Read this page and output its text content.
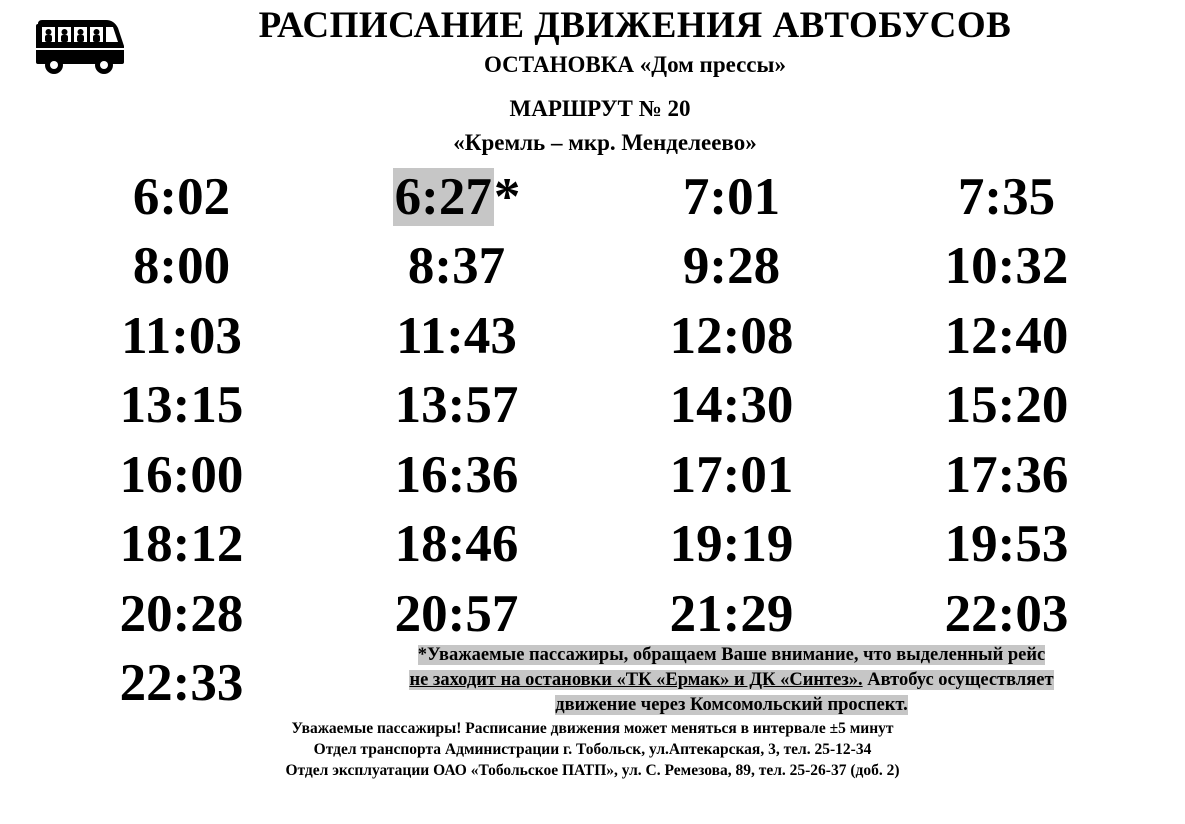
РАСПИСАНИЕ ДВИЖЕНИЯ АВТОБУСОВ
ОСТАНОВКА «Дом прессы»
МАРШРУТ № 20
«Кремль – мкр. Менделеево»
6:02	6:27*	7:01	7:35
8:00	8:37	9:28	10:32
11:03	11:43	12:08	12:40
13:15	13:57	14:30	15:20
16:00	16:36	17:01	17:36
18:12	18:46	19:19	19:53
20:28	20:57	21:29	22:03
22:33	*Уважаемые пассажиры, обращаем Ваше внимание, что выделенный рейс
не заходит на остановки «ТК «Ермак» и ДК «Синтез». Автобус осуществляет
движение через Комсомольский проспект.
Уважаемые пассажиры! Расписание движения может меняться в интервале ±5 минут
Отдел транспорта Администрации г. Тобольск, ул.Аптекарская, 3, тел. 25-12-34
Отдел эксплуатации ОАО «Тобольское ПАТП», ул. С. Ремезова, 89, тел. 25-26-37 (доб. 2)
